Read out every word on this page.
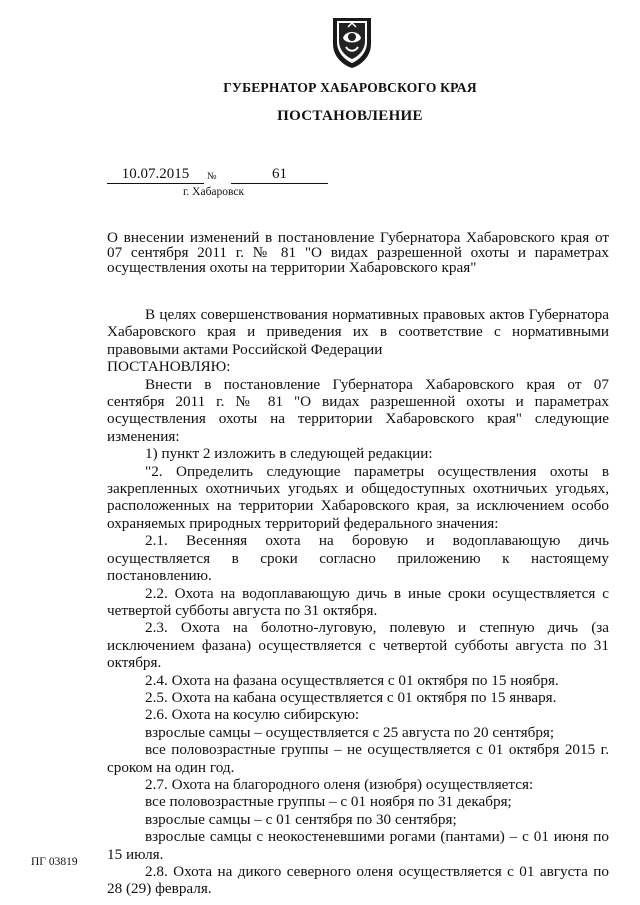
ГУБЕРНАТОР ХАБАРОВСКОГО КРАЯ
ПОСТАНОВЛЕНИЕ
10.07.2015	№	61
г. Хабаровск
О внесении изменений в постановление Губернатора Хабаровского края от 07 сентября 2011 г. № 81 "О видах разрешенной охоты и параметрах осуществления охоты на территории Хабаровского края"

В целях совершенствования нормативных правовых актов Губернатора Хабаровского края и приведения их в соответствие с нормативными правовыми актами Российской Федерации

ПОСТАНОВЛЯЮ:

Внести в постановление Губернатора Хабаровского края от 07 сентября 2011 г. № 81 "О видах разрешенной охоты и параметрах осуществления охоты на территории Хабаровского края" следующие изменения:

1) пункт 2 изложить в следующей редакции:

"2. Определить следующие параметры осуществления охоты в закрепленных охотничьих угодьях и общедоступных охотничьих угодьях, расположенных на территории Хабаровского края, за исключением особо охраняемых природных территорий федерального значения:

2.1. Весенняя охота на боровую и водоплавающую дичь осуществляется в сроки согласно приложению к настоящему постановлению.

2.2. Охота на водоплавающую дичь в иные сроки осуществляется с четвертой субботы августа по 31 октября.

2.3. Охота на болотно-луговую, полевую и степную дичь (за исключением фазана) осуществляется с четвертой субботы августа по 31 октября.

2.4. Охота на фазана осуществляется с 01 октября по 15 ноября.

2.5. Охота на кабана осуществляется с 01 октября по 15 января.

2.6. Охота на косулю сибирскую:

взрослые самцы – осуществляется с 25 августа по 20 сентября;

все половозрастные группы – не осуществляется с 01 октября 2015 г. сроком на один год.

2.7. Охота на благородного оленя (изюбря) осуществляется:

все половозрастные группы – с 01 ноября по 31 декабря;

взрослые самцы – с 01 сентября по 30 сентября;

взрослые самцы с неокостеневшими рогами (пантами) – с 01 июня по 15 июля.

2.8. Охота на дикого северного оленя осуществляется с 01 августа по 28 (29) февраля.

ПГ 03819
